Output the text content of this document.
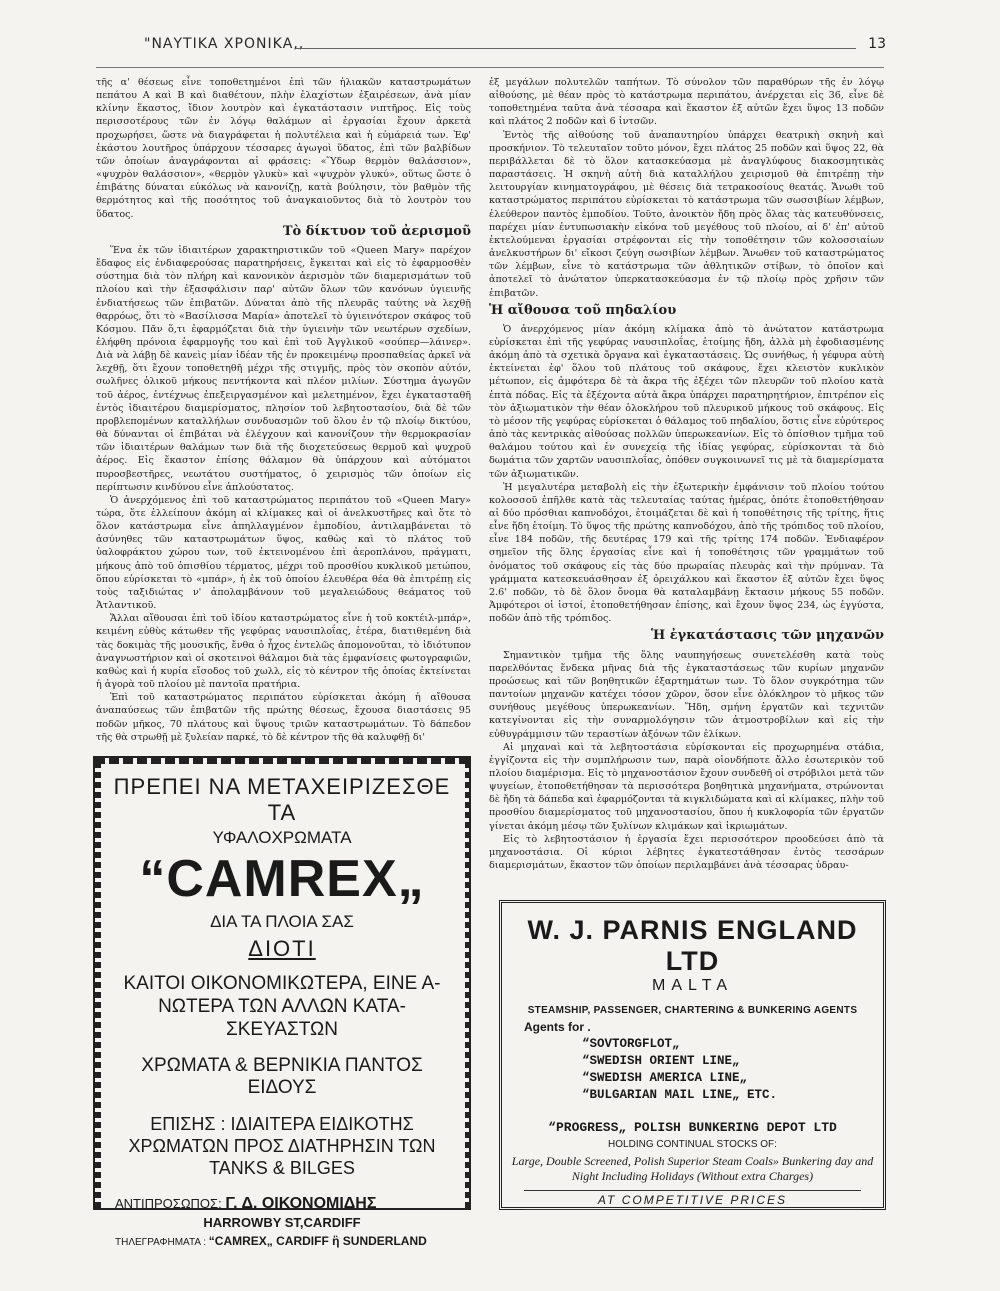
"ΝΑΥΤΙΚΑ ΧΡΟΝΙΚΑ,,	13

τῆς α' θέσεως εἶνε τοποθετημένοι ἐπὶ τῶν ἡλιακῶν καταστρωμάτων πεπάτου Α καὶ Β καὶ διαθέτουν, πλὴν ἐλαχίστων ἐξαιρέσεων, ἀνὰ μίαν κλίνην ἕκαστος, ἴδιον λουτρὸν καὶ ἐγκατάστασιν νιπτῆρος. Εἰς τοὺς περισσοτέρους τῶν ἐν λόγῳ θαλάμων αἱ ἐργασίαι ἔχουν ἀρκετὰ προχωρήσει, ὥστε νὰ διαγράφεται ἡ πολυτέλεια καὶ ἡ εὐμάρειά των. Ἐφ' ἑκάστου λουτῆρος ὑπάρχουν τέσσαρες ἀγωγοὶ ὕδατος, ἐπὶ τῶν βαλβίδων τῶν ὁποίων ἀναγράφονται αἱ φράσεις: «Ὕδωρ θερμὸν θαλάσσιον», «ψυχρὸν θαλάσσιον», «θερμὸν γλυκὺ» καὶ «ψυχρὸν γλυκύ», οὕτως ὥστε ὁ ἐπιβάτης δύναται εὐκόλως νὰ κανονίζῃ, κατὰ βούλησιν, τὸν βαθμὸν τῆς θερμότητος καὶ τῆς ποσότητος τοῦ ἀναγκαιοῦντος διὰ τὸ λουτρὸν του ὕδατος.

Τὸ δίκτυον τοῦ ἀερισμοῦ

Ἕνα ἐκ τῶν ἰδιαιτέρων χαρακτηριστικῶν τοῦ «Queen Mary» παρέχον ἔδαφος εἰς ἐνδιαφερούσας παρατηρήσεις, ἔγκειται καὶ εἰς τὸ ἐφαρμοσθὲν σύστημα διὰ τὸν πλήρη καὶ κανονικὸν ἀερισμὸν τῶν διαμερισμάτων τοῦ πλοίου καὶ τὴν ἐξασφάλισιν παρ' αὐτῶν ὅλων τῶν κανόνων ὑγιεινῆς ἐνδιατήσεως τῶν ἐπιβατῶν. Δύναται ἀπὸ τῆς πλευρᾶς ταύτης νὰ λεχθῇ θαρρόως, ὅτι τὸ «Βασίλισσα Μαρία» ἀποτελεῖ τὸ ὑγιεινότερον σκάφος τοῦ Κόσμου. Πᾶν ὅ,τι ἐφαρμόζεται διὰ τὴν ὑγιεινὴν τῶν νεωτέρων σχεδίων, ἐλήφθη πρόνοια ἐφαρμογῆς του καὶ ἐπὶ τοῦ Ἀγγλικοῦ «σούπερ—λάινερ». Διὰ νὰ λάβῃ δὲ κανεὶς μίαν ἰδέαν τῆς ἐν προκειμένῳ προσπαθείας ἀρκεῖ νὰ λεχθῇ, ὅτι ἔχουν τοποθετηθῆ μέχρι τῆς στιγμῆς, πρὸς τὸν σκοπὸν αὐτόν, σωλῆνες ὁλικοῦ μήκους πεντήκοντα καὶ πλέον μιλίων. Σύστημα ἀγωγῶν τοῦ ἀέρος, ἐντέχνως ἐπεξειργασμένον καὶ μελετημένον, ἔχει ἐγκατασταθῆ ἐντὸς ἰδιαιτέρου διαμερίσματος, πλησίον τοῦ λεβητοστασίου, διὰ δὲ τῶν προβλεπομένων καταλλήλων συνδυασμῶν τοῦ ὅλου ἐν τῷ πλοίῳ δικτύου, θὰ δύνανται οἱ ἐπιβάται νὰ ἐλέγχουν καὶ κανονίζουν τὴν θερμοκρασίαν τῶν ἰδιαιτέρων θαλάμων των διὰ τῆς διοχετεύσεως θερμοῦ καὶ ψυχροῦ ἀέρος. Εἰς ἕκαστον ἐπίσης θάλαμον θὰ ὑπάρχουν καὶ αὐτόματοι πυροσβεστῆρες, νεωτάτου συστήματος, ὁ χειρισμὸς τῶν ὁποίων εἰς περίπτωσιν κινδύνου εἶνε ἁπλούστατος.

Ὁ ἀνερχόμενος ἐπὶ τοῦ καταστρώματος περιπάτου τοῦ «Queen Mary» τώρα, ὅτε ἐλλείπουν ἀκόμη αἱ κλίμακες καὶ οἱ ἀνελκυστῆρες καὶ ὅτε τὸ ὅλον κατάστρωμα εἶνε ἀπηλλαγμένον ἐμποδίου, ἀντιλαμβάνεται τὸ ἀσύνηθες τῶν καταστρωμάτων ὕψος, καθὼς καὶ τὸ πλάτος τοῦ ὑαλοφράκτου χώρου των, τοῦ ἐκτεινομένου ἐπὶ ἀεροπλάνου, πράγματι, μήκους ἀπὸ τοῦ ὀπισθίου τέρματος, μέχρι τοῦ προσθίου κυκλικοῦ μετώπου, ὅπου εὑρίσκεται τὸ «μπάρ», ἡ ἐκ τοῦ ὁποίου ἐλευθέρα θέα θὰ ἐπιτρέπῃ εἰς τοὺς ταξιδιώτας ν' ἀπολαμβάνουν τοῦ μεγαλειώδους θεάματος τοῦ Ἀτλαντικοῦ.

Ἄλλαι αἴθουσαι ἐπὶ τοῦ ἰδίου καταστρώματος εἶνε ἡ τοῦ κοκτέιλ-μπάρ», κειμένη εὐθὺς κάτωθεν τῆς γεφύρας ναυσιπλοΐας, ἑτέρα, διατιθεμένη διὰ τὰς δοκιμὰς τῆς μουσικῆς, ἔνθα ὁ ἦχος ἐντελῶς ἀπομονοῦται, τὸ ἰδιότυπον ἀναγνωστήριον καὶ οἱ σκοτεινοὶ θάλαμοι διὰ τὰς ἐμφανίσεις φωτογραφιῶν, καθὼς καὶ ἡ κυρία εἴσοδος τοῦ χωλλ, εἰς τὸ κέντρον τῆς ὁποίας ἐκτείνεται ἡ ἀγορὰ τοῦ πλοίου μὲ παντοῖα πρατήρια.

Ἐπὶ τοῦ καταστρώματος περιπάτου εὑρίσκεται ἀκόμη ἡ αἴθουσα ἀναπαύσεως τῶν ἐπιβατῶν τῆς πρώτης θέσεως, ἔχουσα διαστάσεις 95 ποδῶν μῆκος, 70 πλάτους καὶ ὕψους τριῶν καταστρωμάτων. Τὸ δάπεδον τῆς θὰ στρωθῇ μὲ ξυλείαν παρκέ, τὸ δὲ κέντρον τῆς θὰ καλυφθῇ δι'

ἐξ μεγάλων πολυτελῶν ταπήτων. Τὸ σύνολον τῶν παραθύρων τῆς ἐν λόγῳ αἰθούσης, μὲ θέαν πρὸς τὸ κατάστρωμα περιπάτου, ἀνέρχεται εἰς 36, εἶνε δὲ τοποθετημένα ταῦτα ἀνὰ τέσσαρα καὶ ἕκαστον ἐξ αὐτῶν ἔχει ὕψος 13 ποδῶν καὶ πλάτος 2 ποδῶν καὶ 6 ἰντσῶν.

Ἐντὸς τῆς αἰθούσης τοῦ ἀναπαυτηρίου ὑπάρχει θεατρικὴ σκηνὴ καὶ προσκήνιον. Τὸ τελευταῖον τοῦτο μόνον, ἔχει πλάτος 25 ποδῶν καὶ ὕψος 22, θὰ περιβάλλεται δὲ τὸ ὅλον κατασκεύασμα μὲ ἀναγλύφους διακοσμητικὰς παραστάσεις. Ἡ σκηνὴ αὐτὴ διὰ καταλλήλου χειρισμοῦ θὰ ἐπιτρέπῃ τὴν λειτουργίαν κινηματογράφου, μὲ θέσεις διὰ τετρακοσίους θεατάς. Ἄνωθι τοῦ καταστρώματος περιπάτου εὑρίσκεται τὸ κατάστρωμα τῶν σωσσιβίων λέμβων, ἐλεύθερον παντὸς ἐμποδίου. Τοῦτο, ἀνοικτὸν ἤδη πρὸς ὅλας τὰς κατευθύνσεις, παρέχει μίαν ἐντυπωσιακὴν εἰκόνα τοῦ μεγέθους τοῦ πλοίου, αἱ δ' ἐπ' αὐτοῦ ἐκτελούμεναι ἐργασίαι στρέφονται εἰς τὴν τοποθέτησιν τῶν κολοσσιαίων ἀνελκυστήρων δι' εἴκοσι ζεύγη σωσιβίων λέμβων. Ἄνωθεν τοῦ καταστρώματος τῶν λέμβων, εἶνε τὸ κατάστρωμα τῶν ἀθλητικῶν στίβων, τὸ ὁποῖον καὶ ἀποτελεῖ τὸ ἀνώτατον ὑπερκατασκεύασμα ἐν τῷ πλοίῳ πρὸς χρῆσιν τῶν ἐπιβατῶν.

Ἡ αἴθουσα τοῦ πηδαλίου

Ὁ ἀνερχόμενος μίαν ἀκόμη κλίμακα ἀπὸ τὸ ἀνώτατον κατάστρωμα εὑρίσκεται ἐπὶ τῆς γεφύρας ναυσιπλοΐας, ἑτοίμης ἤδη, ἀλλὰ μὴ ἐφοδιασμένης ἀκόμη ἀπὸ τὰ σχετικὰ ὄργανα καὶ ἐγκαταστάσεις. Ὡς συνήθως, ἡ γέφυρα αὐτὴ ἐκτείνεται ἐφ' ὅλου τοῦ πλάτους τοῦ σκάφους, ἔχει κλειστὸν κυκλικὸν μέτωπον, εἰς ἀμφότερα δὲ τὰ ἄκρα τῆς ἐξέχει τῶν πλευρῶν τοῦ πλοίου κατὰ ἑπτὰ πόδας. Εἰς τὰ ἐξέχοντα αὐτὰ ἄκρα ὑπάρχει παρατηρητήριον, ἐπιτρέπον εἰς τὸν ἀξιωματικὸν τὴν θέαν ὁλοκλήρου τοῦ πλευρικοῦ μήκους τοῦ σκάφους. Εἰς τὸ μέσον τῆς γεφύρας εὑρίσκεται ὁ θάλαμος τοῦ πηδαλίου, ὅστις εἶνε εὐρύτερος ἀπὸ τὰς κεντρικὰς αἰθούσας πολλῶν ὑπερωκεανίων. Εἰς τὸ ὀπίσθιον τμῆμα τοῦ θαλάμου τούτου καὶ ἐν συνεχείᾳ τῆς ἰδίας γεφύρας, εὑρίσκονται τὰ διὸ δωμάτια τῶν χαρτῶν ναυσιπλοΐας, ὁπόθεν συγκοινωνεῖ τις μὲ τὰ διαμερίσματα τῶν ἀξιωματικῶν.

Ἡ μεγαλυτέρα μεταβολὴ εἰς τὴν ἐξωτερικὴν ἐμφάνισιν τοῦ πλοίου τούτου κολοσσοῦ ἐπῆλθε κατὰ τὰς τελευταίας ταύτας ἡμέρας, ὁπότε ἐτοποθετήθησαν αἱ δύο πρόσθιαι καπνοδόχοι, ἑτοιμάζεται δὲ καὶ ἡ τοποθέτησις τῆς τρίτης, ἥτις εἶνε ἤδη ἑτοίμη. Τὸ ὕψος τῆς πρώτης καπνοδόχου, ἀπὸ τῆς τρόπιδος τοῦ πλοίου, εἶνε 184 ποδῶν, τῆς δευτέρας 179 καὶ τῆς τρίτης 174 ποδῶν. Ἐνδιαφέρον σημεῖον τῆς ὅλης ἐργασίας εἶνε καὶ ἡ τοποθέτησις τῶν γραμμάτων τοῦ ὀνόματος τοῦ σκάφους εἰς τὰς δύο πρωραίας πλευρὰς καὶ τὴν πρύμναν. Τὰ γράμματα κατεσκευάσθησαν ἐξ ὀρειχάλκου καὶ ἕκαστον ἐξ αὐτῶν ἔχει ὕψος 2.6' ποδῶν, τὸ δὲ ὅλον ὄνομα θὰ καταλαμβάνῃ ἔκτασιν μήκους 55 ποδῶν. Ἀμφότεροι οἱ ἱστοί, ἐτοποθετήθησαν ἐπίσης, καὶ ἔχουν ὕψος 234, ὡς ἐγγύστα, ποδῶν ἀπὸ τῆς τρόπιδος.

Ἡ ἐγκατάστασις τῶν μηχανῶν

Σημαντικὸν τμῆμα τῆς ὅλης ναυπηγήσεως συνετελέσθη κατὰ τοὺς παρελθόντας ἕνδεκα μῆνας διὰ τῆς ἐγκαταστάσεως τῶν κυρίων μηχανῶν προώσεως καὶ τῶν βοηθητικῶν ἐξαρτημάτων των. Τὸ ὅλον συγκρότημα τῶν παντοίων μηχανῶν κατέχει τόσον χῶρον, ὅσον εἶνε ὁλόκληρον τὸ μῆκος τῶν συνήθους μεγέθους ὑπερωκεανίων. Ἤδη, σμήνη ἐργατῶν καὶ τεχνιτῶν κατεγίνονται εἰς τὴν συναρμολόγησιν τῶν ἀτμοστροβίλων καὶ εἰς τὴν εὐθυγράμμισιν τῶν τεραστίων ἀξόνων τῶν ἑλίκων.

Αἱ μηχαναὶ καὶ τὰ λεβητοστάσια εὑρίσκονται εἰς προχωρημένα στάδια, ἐγγίζοντα εἰς τὴν συμπλήρωσιν των, παρὰ οἱονδήποτε ἄλλο ἐσωτερικὸν τοῦ πλοίου διαμέρισμα. Εἰς τὸ μηχανοστάσιον ἔχουν συνδεθῆ οἱ στρόβιλοι μετὰ τῶν ψυγείων, ἐτοποθετήθησαν τὰ περισσότερα βοηθητικὰ μηχανήματα, στρώνονται δὲ ἤδη τὰ δάπεδα καὶ ἐφαρμόζονται τὰ κιγκλιδώματα καὶ αἱ κλίμακες, πλὴν τοῦ προσθίου διαμερίσματος τοῦ μηχανοστασίου, ὅπου ἡ κυκλοφορία τῶν ἐργατῶν γίνεται ἀκόμη μέσῳ τῶν ξυλίνων κλιμάκων καὶ ἱκριωμάτων.

Εἰς τὸ λεβητοστάσιον ἡ ἐργασία ἔχει περισσότερον προοδεύσει ἀπὸ τὰ μηχανοστάσια. Οἱ κύριοι λέβητες ἐγκατεστάθησαν ἐντὸς τεσσάρων διαμερισμάτων, ἕκαστον τῶν ὁποίων περιλαμβάνει ἀνὰ τέσσαρας ὑδραυ-

ΠΡΕΠΕΙ ΝΑ ΜΕΤΑΧΕΙΡΙΖΕΣΘΕ ΤΑ
ΥΦΑΛΟΧΡΩΜΑΤΑ
“CAMREX„
ΔΙΑ ΤΑ ΠΛΟΙΑ ΣΑΣ
ΔΙΟΤΙ
ΚΑΙΤΟΙ ΟΙΚΟΝΟΜΙΚΩΤΕΡΑ, ΕΙΝΕ Α-ΝΩΤΕΡΑ ΤΩΝ ΑΛΛΩΝ ΚΑΤΑ-ΣΚΕΥΑΣΤΩΝ
ΧΡΩΜΑΤΑ & ΒΕΡΝΙΚΙΑ ΠΑΝΤΟΣ ΕΙΔΟΥΣ
ΕΠΙΣΗΣ : ΙΔΙΑΙΤΕΡΑ ΕΙΔΙΚΟΤΗΣ ΧΡΩΜΑΤΩΝ ΠΡΟΣ ΔΙΑΤΗΡΗΣΙΝ ΤΩΝ TANKS & BILGES
ΑΝΤΙΠΡΟΣΩΠΟΣ: Γ. Δ. ΟΙΚΟΝΟΜΙΔΗΣ
HARROWBY ST,CARDIFF
ΤΗΛΕΓΡΑΦΗΜΑΤΑ : “CAMREX„ CARDIFF ἢ SUNDERLAND
W. J. PARNIS ENGLAND LTD
MALTA
STEAMSHIP, PASSENGER, CHARTERING & BUNKERING AGENTS
Agents for .
“SOVTORGFLOT„
“SWEDISH ORIENT LINE„
“SWEDISH AMERICA LINE„
“BULGARIAN MAIL LINE„ ETC.
“PROGRESS„ POLISH BUNKERING DEPOT LTD
HOLDING CONTINUAL STOCKS OF:
Large, Double Screened, Polish Superior Steam Coals» Bunkering day and Night Including Holidays (Without extra Charges)
AT COMPETITIVE PRICES
